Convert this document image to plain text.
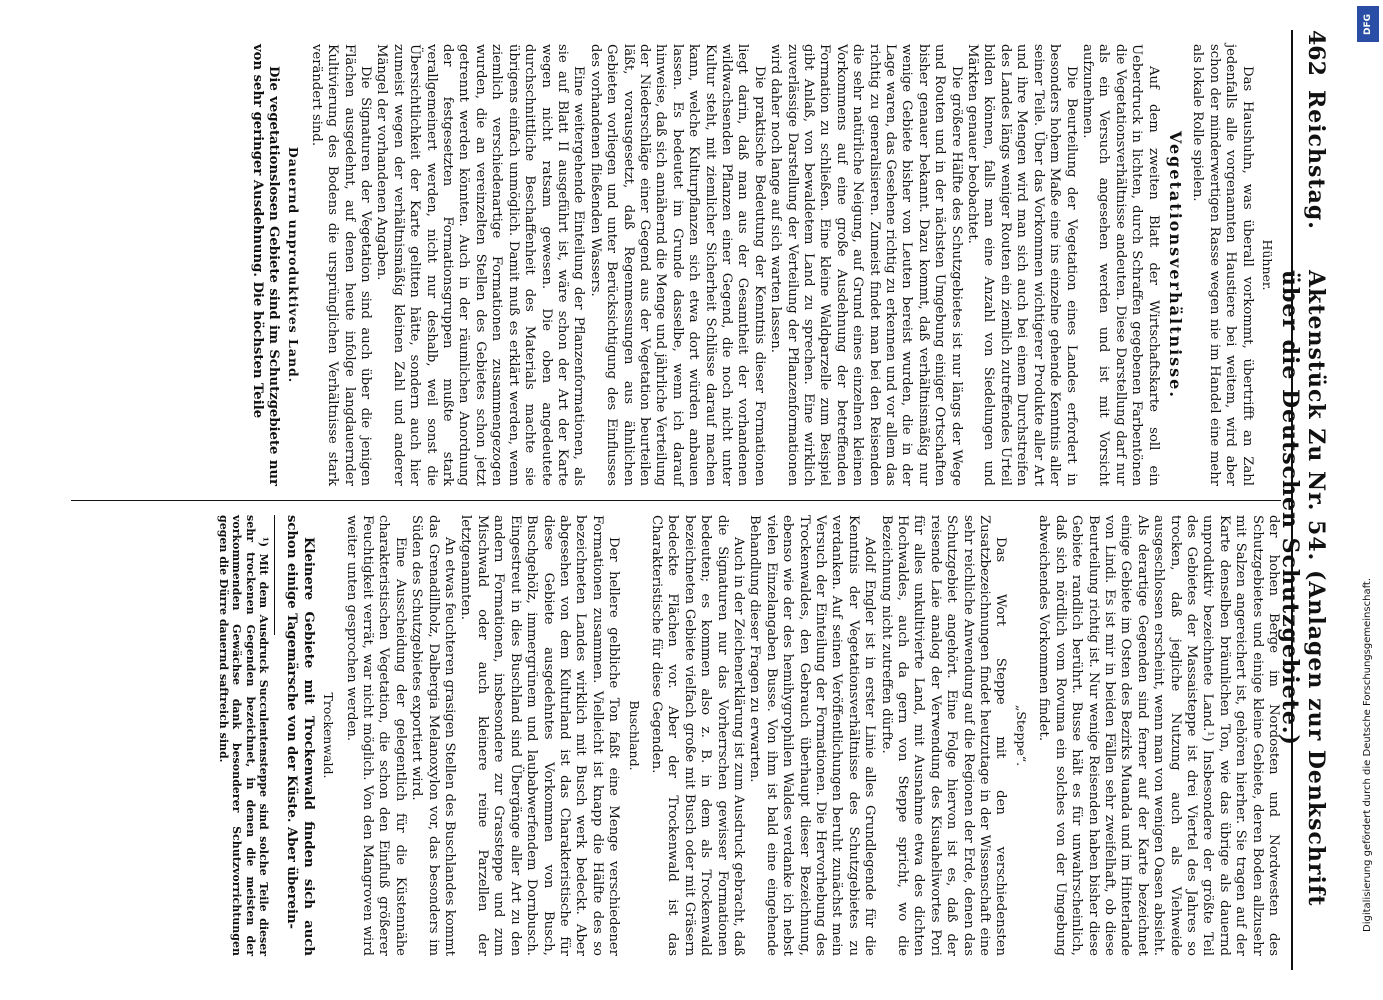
462
Reichstag.
Aktenstück Zu Nr. 54. (Anlagen zur Denkschrift über die Deutschen Schutzgebiete.)
Hühner.

Das Haushuhn, was überall vorkommt, übertrifft an Zahl jedenfalls alle vorgenannten Haustiere bei weitem, wird aber schon der minderwertigen Rasse wegen nie im Handel eine mehr als lokale Rolle spielen.

Vegetationsverhältnisse.

Auf dem zweiten Blatt der Wirtschaftskarte soll ein Ueberdruck in lichten, durch Schraffen gegebenen Farbentönen die Vegetationsverhältnisse andeuten. Diese Darstellung darf nur als ein Versuch angesehen werden und ist mit Vorsicht aufzunehmen.

Die Beurteilung der Vegetation eines Landes erfordert in besonders hohem Maße eine ins einzelne gehende Kenntnis aller seiner Teile. Über das Vorkommen wichtigerer Produkte aller Art und ihre Mengen wird man sich auch bei einem Durchstreifen des Landes längs weniger Routen ein ziemlich zutreffendes Urteil bilden können, falls man eine Anzahl von Siedelungen und Märkten genauer beobachtet.

Die größere Hälfte des Schutzgebietes ist nur längs der Wege und Routen und in der nächsten Umgebung einiger Ortschaften bisher genauer bekannt. Dazu kommt, daß verhältnismäßig nur wenige Gebiete bisher von Leuten bereist wurden, die in der Lage waren, das Gesehene richtig zu erkennen und vor allem das richtig zu generalisieren. Zumeist findet man bei den Reisenden die sehr natürliche Neigung, auf Grund eines einzelnen kleinen Vorkommens auf eine große Ausdehnung der betreffenden Formation zu schließen. Eine kleine Waldparzelle zum Beispiel gibt Anlaß, von bewaldetem Land zu sprechen. Eine wirklich zuverlässige Darstellung der Verteilung der Pflanzenformationen wird daher noch lange auf sich warten lassen.

Die praktische Bedeutung der Kenntnis dieser Formationen liegt darin, daß man aus der Gesamtheit der vorhandenen wildwachsenden Pflanzen einer Gegend, die noch nicht unter Kultur steht, mit ziemlicher Sicherheit Schlüsse darauf machen kann, welche Kulturpflanzen sich etwa dort würden anbauen lassen. Es bedeutet im Grunde dasselbe, wenn ich darauf hinweise, daß sich annähernd die Menge und jährliche Verteilung der Niederschläge einer Gegend aus der Vegetation beurteilen läßt, vorausgesetzt, daß Regenmessungen aus ähnlichen Gebieten vorliegen und unter Berücksichtigung des Einflusses des vorhandenen fließenden Wassers.

Eine weitergehende Einteilung der Pflanzenformationen, als sie auf Blatt II ausgeführt ist, wäre schon der Art der Karte wegen nicht ratsam gewesen. Die oben angedeutete durchschnittliche Beschaffenheit des Materials machte sie übrigens einfach unmöglich. Damit muß es erklärt werden, wenn ziemlich verschiedenartige Formationen zusammengezogen wurden, die an vereinzelten Stellen des Gebietes schon jetzt getrennt werden könnten. Auch in der räumlichen Anordnung der festgesetzten Formationsgruppen mußte stark verallgemeinert werden, nicht nur deshalb, weil sonst die Übersichtlichkeit der Karte gelitten hätte, sondern auch hier zumeist wegen der verhältnismäßig kleinen Zahl und anderer Mängel der vorhandenen Angaben.

Die Signaturen der Vegetation sind auch über die jenigen Flächen ausgedehnt, auf denen heute infolge langdauernder Kultivierung des Bodens die ursprünglichen Verhältnisse stark verändert sind.

Dauernd unproduktives Land.

Die vegetationslosen Gebiete sind im Schutzgebiete nur von sehr geringer Ausdehnung. Die höchsten Teile

der hohen Berge im Nordosten und Nordwesten des Schutzgebietes und einige kleine Gebiete, deren Boden allzusehr mit Salzen angereichert ist, gehören hierher. Sie tragen auf der Karte denselben bräunlichen Ton, wie das übrige als dauernd unproduktiv bezeichnete Land.¹) Insbesondere der größte Teil des Gebietes der Massaisteppe ist drei Viertel des Jahres so trocken, daß jegliche Nutzung auch als Viehweide ausgeschlossen erscheint, wenn man von wenigen Oasen absieht. Als derartige Gegenden sind ferner auf der Karte bezeichnet einige Gebiete im Osten des Bezirks Muanda und im Hinterlande von Lindi. Es ist mir in beiden Fällen sehr zweifelhaft, ob diese Beurteilung richtig ist. Nur wenige Reisenden haben bisher diese Gebiete randlich berührt. Busse hält es für unwahrscheinlich, daß sich nördlich vom Rovuma ein solches von der Umgebung abweichendes Vorkommen findet.

„Steppe“.

Das Wort Steppe mit den verschiedensten Zusatzbezeichnungen findet heutzutage in der Wissenschaft eine sehr reichliche Anwendung auf die Regionen der Erde, denen das Schutzgebiet angehört. Eine Folge hiervon ist es, daß der reisende Laie analog der Verwendung des Kisuaheliwortes Pori für alles unkultivierte Land, mit Ausnahme etwa des dichten Hochwaldes, auch da gern von Steppe spricht, wo die Bezeichnung nicht zutreffen dürfte.

Adolf Engler ist in erster Linie alles Grundlegende für die Kenntnis der Vegetationsverhältnisse des Schutzgebietes zu verdanken. Auf seinen Veröffentlichungen beruht zunächst mein Versuch der Einteilung der Formationen. Die Hervorhebung des Trockenwaldes, den Gebrauch überhaupt dieser Bezeichnung, ebenso wie der des hemihygrophilen Waldes verdanke ich nebst vielen Einzelangaben Busse. Von ihm ist bald eine eingehende Behandlung dieser Fragen zu erwarten.

Auch in der Zeichenerklärung ist zum Ausdruck gebracht, daß die Signaturen nur das Vorherrschen gewisser Formationen bedeuten; es kommen also z. B. in dem als Trockenwald bezeichneten Gebiete vielfach große mit Busch oder mit Gräsern bedeckte Flächen vor. Aber der Trockenwald ist das Charakteristische für diese Gegenden.

Buschland.

Der hellere gelbliche Ton faßt eine Menge verschiedener Formationen zusammen. Vielleicht ist knapp die Hälfte des so bezeichneten Landes wirklich mit Busch werk bedeckt. Aber abgesehen von dem Kulturland ist das Charakteristische für diese Gebiete ausgedehntes Vorkommen von Busch, Buschgehölz, immergrünem und laubabwerfendem Dornbusch. Eingestreut in dies Buschland sind Übergänge aller Art zu den andern Formationen, insbesondere zur Grassteppe und zum Mischwald oder auch kleinere reine Parzellen der letztgenannten.

An etwas feuchteren grasigen Stellen des Buschlandes kommt das Grenadillholz, Dalbergia Melanoxylon vor, das besonders im Süden des Schutzgebietes exportiert wird.

Eine Ausscheidung der gelegentlich für die Küstennähe charakteristischen Vegetation, die schon den Einfluß größerer Feuchtigkeit verrät, war nicht möglich. Von den Mangroven wird weiter unten gesprochen werden.

Trockenwald.

Kleinere Gebiete mit Trockenwald finden sich auch schon einige Tagemärsche von der Küste. Aber überein-

¹) Mit dem Ausdruck Succulentensteppe sind solche Teile dieser sehr trockenen Gegenden bezeichnet, in denen die meisten der vorkommenden Gewächse dank besonderer Schutzvorrichtungen gegen die Dürre dauernd saftreich sind.

DFG
Digitalisierung gefördert durch die Deutsche Forschungsgemeinschaft.
